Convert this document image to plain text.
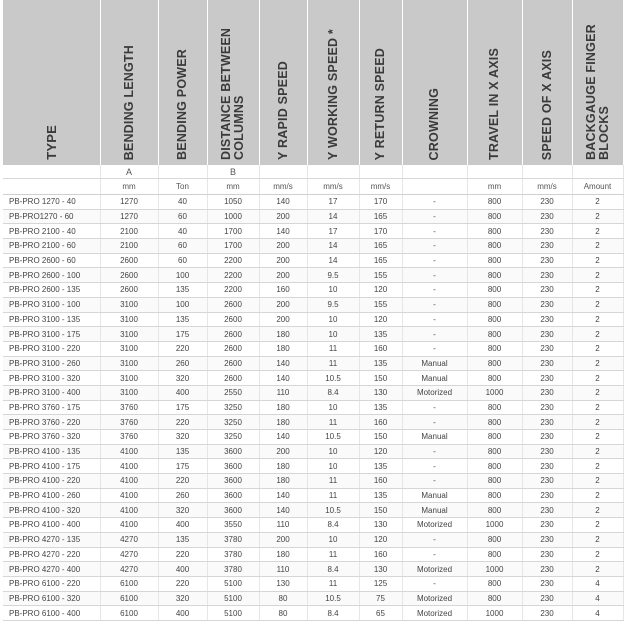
TYPE	BENDING LENGTH	BENDING POWER	DISTANCE BETWEEN COLUMNS	Y RAPID SPEED	Y WORKING SPEED *	Y RETURN SPEED	CROWNING	TRAVEL IN X AXIS	SPEED OF X AXIS	BACKGAUGE FINGER BLOCKS
	A		B							
	mm	Ton	mm	mm/s	mm/s	mm/s		mm	mm/s	Amount
PB-PRO 1270 - 40	1270	40	1050	140	17	170	-	800	230	2
PB-PRO1270 - 60	1270	60	1000	200	14	165	-	800	230	2
PB-PRO 2100 - 40	2100	40	1700	140	17	170	-	800	230	2
PB-PRO 2100 - 60	2100	60	1700	200	14	165	-	800	230	2
PB-PRO 2600 - 60	2600	60	2200	200	14	165	-	800	230	2
PB-PRO 2600 - 100	2600	100	2200	200	9.5	155	-	800	230	2
PB-PRO 2600 - 135	2600	135	2200	160	10	120	-	800	230	2
PB-PRO 3100 - 100	3100	100	2600	200	9.5	155	-	800	230	2
PB-PRO 3100 - 135	3100	135	2600	200	10	120	-	800	230	2
PB-PRO 3100 - 175	3100	175	2600	180	10	135	-	800	230	2
PB-PRO 3100 - 220	3100	220	2600	180	11	160	-	800	230	2
PB-PRO 3100 - 260	3100	260	2600	140	11	135	Manual	800	230	2
PB-PRO 3100 - 320	3100	320	2600	140	10.5	150	Manual	800	230	2
PB-PRO 3100 - 400	3100	400	2550	110	8.4	130	Motorized	1000	230	2
PB-PRO 3760 - 175	3760	175	3250	180	10	135	-	800	230	2
PB-PRO 3760 - 220	3760	220	3250	180	11	160	-	800	230	2
PB-PRO 3760 - 320	3760	320	3250	140	10.5	150	Manual	800	230	2
PB-PRO 4100 - 135	4100	135	3600	200	10	120	-	800	230	2
PB-PRO 4100 - 175	4100	175	3600	180	10	135	-	800	230	2
PB-PRO 4100 - 220	4100	220	3600	180	11	160	-	800	230	2
PB-PRO 4100 - 260	4100	260	3600	140	11	135	Manual	800	230	2
PB-PRO 4100 - 320	4100	320	3600	140	10.5	150	Manual	800	230	2
PB-PRO 4100 - 400	4100	400	3550	110	8.4	130	Motorized	1000	230	2
PB-PRO 4270 - 135	4270	135	3780	200	10	120	-	800	230	2
PB-PRO 4270 - 220	4270	220	3780	180	11	160	-	800	230	2
PB-PRO 4270 - 400	4270	400	3780	110	8.4	130	Motorized	1000	230	2
PB-PRO 6100 - 220	6100	220	5100	130	11	125	-	800	230	4
PB-PRO 6100 - 320	6100	320	5100	80	10.5	75	Motorized	800	230	4
PB-PRO 6100 - 400	6100	400	5100	80	8.4	65	Motorized	1000	230	4
